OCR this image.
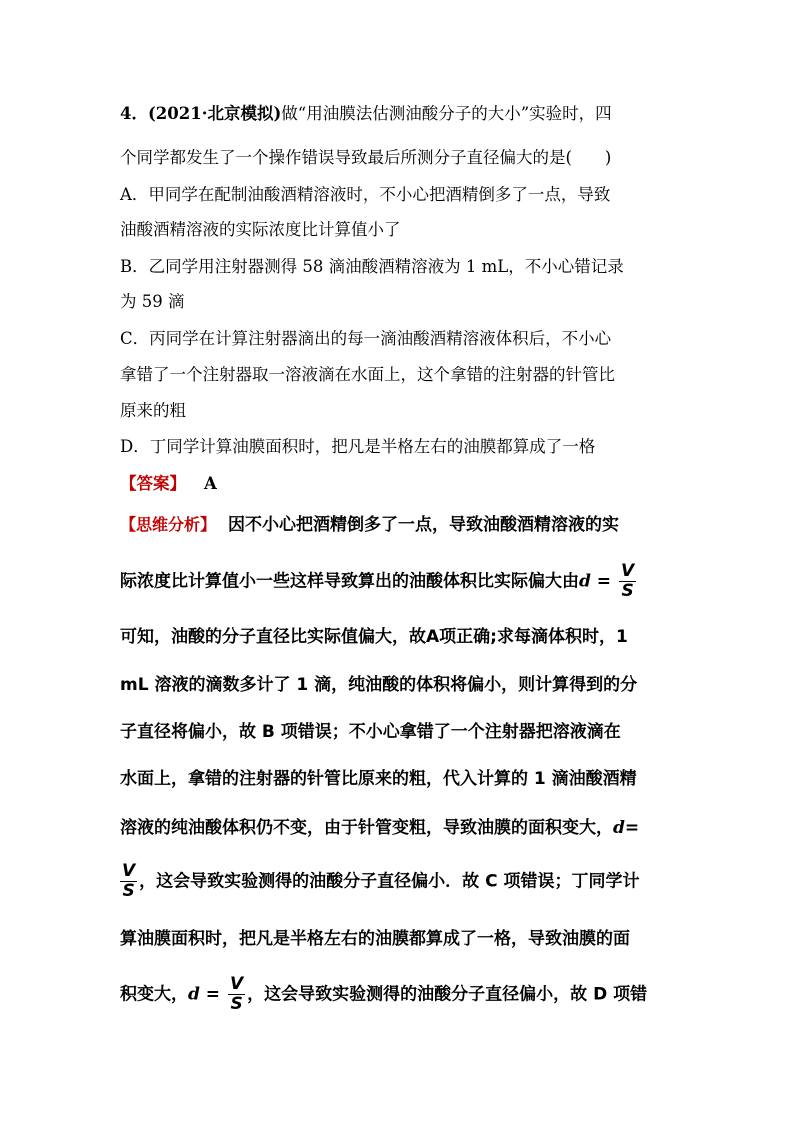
4．(2021·北京模拟)做“用油膜法估测油酸分子的大小”实验时，四
个同学都发生了一个操作错误导致最后所测分子直径偏大的是(　　)
A．甲同学在配制油酸酒精溶液时，不小心把酒精倒多了一点，导致
油酸酒精溶液的实际浓度比计算值小了
B．乙同学用注射器测得 58 滴油酸酒精溶液为 1 mL，不小心错记录
为 59 滴
C．丙同学在计算注射器滴出的每一滴油酸酒精溶液体积后，不小心
拿错了一个注射器取一溶液滴在水面上，这个拿错的注射器的针管比
原来的粗
D．丁同学计算油膜面积时，把凡是半格左右的油膜都算成了一格
【答案】 A
【思维分析】 因不小心把酒精倒多了一点，导致油酸酒精溶液的实
际浓度比计算值小一些这样导致算出的油酸体积比实际偏大由$d = \frac{V}{S}$
可知，油酸的分子直径比实际值偏大，故A项正确;求每滴体积时，1
mL 溶液的滴数多计了 1 滴，纯油酸的体积将偏小，则计算得到的分
子直径将偏小，故 B 项错误；不小心拿错了一个注射器把溶液滴在
水面上，拿错的注射器的针管比原来的粗，代入计算的 1 滴油酸酒精
溶液的纯油酸体积仍不变，由于针管变粗，导致油膜的面积变大，d=
$\frac{V}{S}$ ，这会导致实验测得的油酸分子直径偏小．故 C 项错误；丁同学计
算油膜面积时，把凡是半格左右的油膜都算成了一格，导致油膜的面
积变大，$d = \frac{V}{S}$ ，这会导致实验测得的油酸分子直径偏小，故 D 项错
